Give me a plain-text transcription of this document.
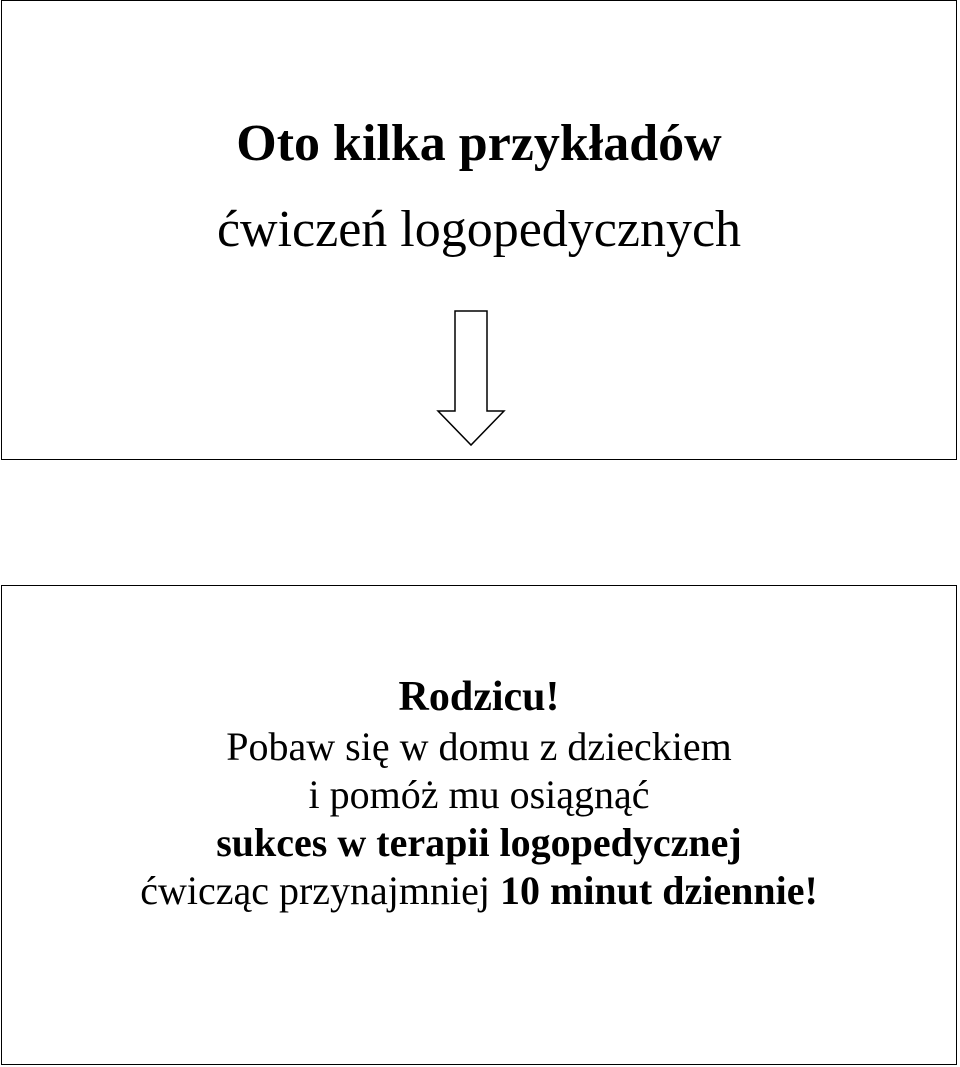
Oto kilka przykładów
ćwiczeń logopedycznych
Rodzicu!
Pobaw się w domu z dzieckiem
i pomóż mu osiągnąć
sukces w terapii logopedycznej
ćwicząc przynajmniej 10 minut dziennie!
